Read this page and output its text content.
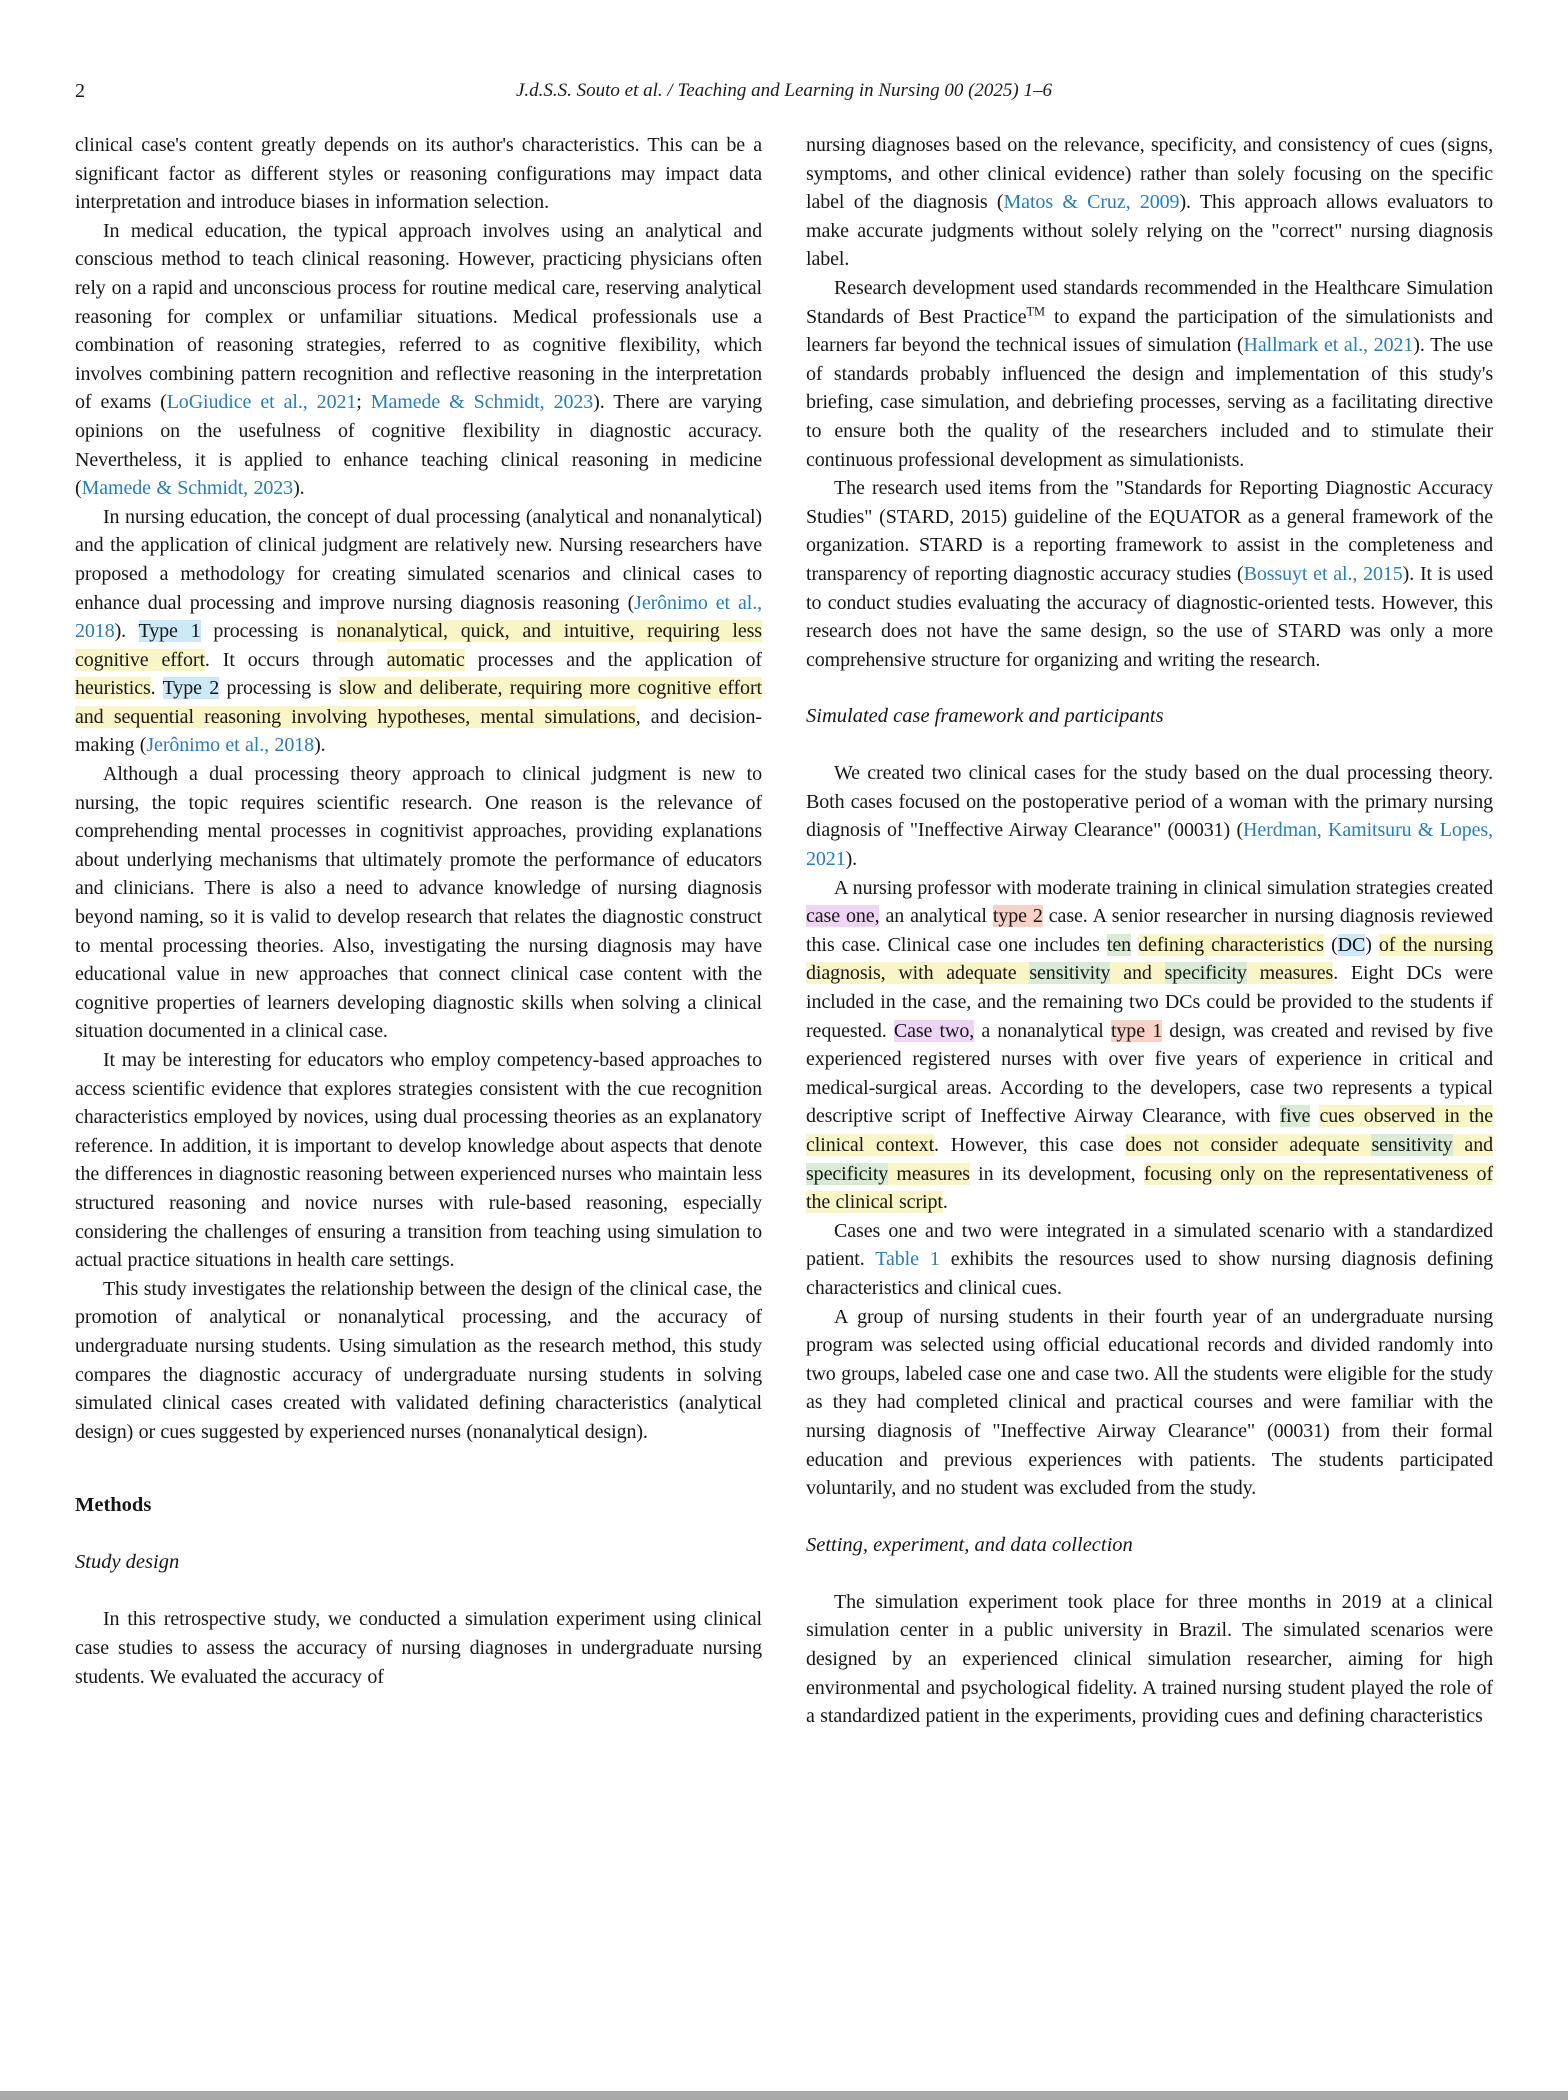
2	J.d.S.S. Souto et al. / Teaching and Learning in Nursing 00 (2025) 1–6

clinical case's content greatly depends on its author's characteristics. This can be a significant factor as different styles or reasoning configurations may impact data interpretation and introduce biases in information selection.

In medical education, the typical approach involves using an analytical and conscious method to teach clinical reasoning. However, practicing physicians often rely on a rapid and unconscious process for routine medical care, reserving analytical reasoning for complex or unfamiliar situations. Medical professionals use a combination of reasoning strategies, referred to as cognitive flexibility, which involves combining pattern recognition and reflective reasoning in the interpretation of exams (LoGiudice et al., 2021; Mamede & Schmidt, 2023). There are varying opinions on the usefulness of cognitive flexibility in diagnostic accuracy. Nevertheless, it is applied to enhance teaching clinical reasoning in medicine (Mamede & Schmidt, 2023).

In nursing education, the concept of dual processing (analytical and nonanalytical) and the application of clinical judgment are relatively new. Nursing researchers have proposed a methodology for creating simulated scenarios and clinical cases to enhance dual processing and improve nursing diagnosis reasoning (Jerônimo et al., 2018). Type 1 processing is nonanalytical, quick, and intuitive, requiring less cognitive effort. It occurs through automatic processes and the application of heuristics. Type 2 processing is slow and deliberate, requiring more cognitive effort and sequential reasoning involving hypotheses, mental simulations, and decision-making (Jerônimo et al., 2018).

Although a dual processing theory approach to clinical judgment is new to nursing, the topic requires scientific research. One reason is the relevance of comprehending mental processes in cognitivist approaches, providing explanations about underlying mechanisms that ultimately promote the performance of educators and clinicians. There is also a need to advance knowledge of nursing diagnosis beyond naming, so it is valid to develop research that relates the diagnostic construct to mental processing theories. Also, investigating the nursing diagnosis may have educational value in new approaches that connect clinical case content with the cognitive properties of learners developing diagnostic skills when solving a clinical situation documented in a clinical case.

It may be interesting for educators who employ competency-based approaches to access scientific evidence that explores strategies consistent with the cue recognition characteristics employed by novices, using dual processing theories as an explanatory reference. In addition, it is important to develop knowledge about aspects that denote the differences in diagnostic reasoning between experienced nurses who maintain less structured reasoning and novice nurses with rule-based reasoning, especially considering the challenges of ensuring a transition from teaching using simulation to actual practice situations in health care settings.

This study investigates the relationship between the design of the clinical case, the promotion of analytical or nonanalytical processing, and the accuracy of undergraduate nursing students. Using simulation as the research method, this study compares the diagnostic accuracy of undergraduate nursing students in solving simulated clinical cases created with validated defining characteristics (analytical design) or cues suggested by experienced nurses (nonanalytical design).

Methods
Study design

In this retrospective study, we conducted a simulation experiment using clinical case studies to assess the accuracy of nursing diagnoses in undergraduate nursing students. We evaluated the accuracy of

nursing diagnoses based on the relevance, specificity, and consistency of cues (signs, symptoms, and other clinical evidence) rather than solely focusing on the specific label of the diagnosis (Matos & Cruz, 2009). This approach allows evaluators to make accurate judgments without solely relying on the "correct" nursing diagnosis label.

Research development used standards recommended in the Healthcare Simulation Standards of Best Practice™ to expand the participation of the simulationists and learners far beyond the technical issues of simulation (Hallmark et al., 2021). The use of standards probably influenced the design and implementation of this study's briefing, case simulation, and debriefing processes, serving as a facilitating directive to ensure both the quality of the researchers included and to stimulate their continuous professional development as simulationists.

The research used items from the "Standards for Reporting Diagnostic Accuracy Studies" (STARD, 2015) guideline of the EQUATOR as a general framework of the organization. STARD is a reporting framework to assist in the completeness and transparency of reporting diagnostic accuracy studies (Bossuyt et al., 2015). It is used to conduct studies evaluating the accuracy of diagnostic-oriented tests. However, this research does not have the same design, so the use of STARD was only a more comprehensive structure for organizing and writing the research.

Simulated case framework and participants

We created two clinical cases for the study based on the dual processing theory. Both cases focused on the postoperative period of a woman with the primary nursing diagnosis of "Ineffective Airway Clearance" (00031) (Herdman, Kamitsuru & Lopes, 2021).

A nursing professor with moderate training in clinical simulation strategies created case one, an analytical type 2 case. A senior researcher in nursing diagnosis reviewed this case. Clinical case one includes ten defining characteristics (DC) of the nursing diagnosis, with adequate sensitivity and specificity measures. Eight DCs were included in the case, and the remaining two DCs could be provided to the students if requested. Case two, a nonanalytical type 1 design, was created and revised by five experienced registered nurses with over five years of experience in critical and medical-surgical areas. According to the developers, case two represents a typical descriptive script of Ineffective Airway Clearance, with five cues observed in the clinical context. However, this case does not consider adequate sensitivity and specificity measures in its development, focusing only on the representativeness of the clinical script.

Cases one and two were integrated in a simulated scenario with a standardized patient. Table 1 exhibits the resources used to show nursing diagnosis defining characteristics and clinical cues.

A group of nursing students in their fourth year of an undergraduate nursing program was selected using official educational records and divided randomly into two groups, labeled case one and case two. All the students were eligible for the study as they had completed clinical and practical courses and were familiar with the nursing diagnosis of "Ineffective Airway Clearance" (00031) from their formal education and previous experiences with patients. The students participated voluntarily, and no student was excluded from the study.

Setting, experiment, and data collection

The simulation experiment took place for three months in 2019 at a clinical simulation center in a public university in Brazil. The simulated scenarios were designed by an experienced clinical simulation researcher, aiming for high environmental and psychological fidelity. A trained nursing student played the role of a standardized patient in the experiments, providing cues and defining characteristics
